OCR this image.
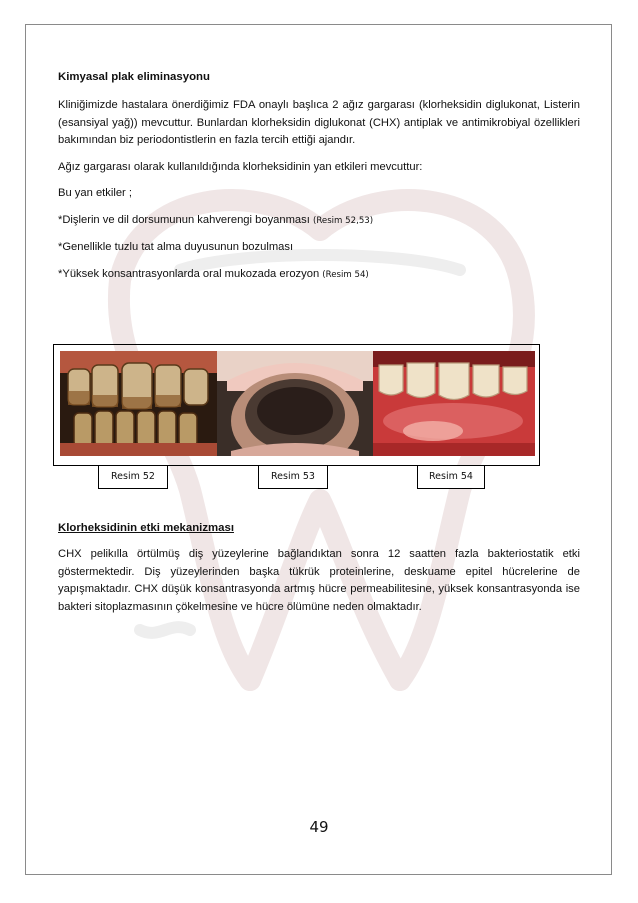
Kimyasal plak eliminasyonu

Kliniğimizde hastalara önerdiğimiz FDA onaylı başlıca 2 ağız gargarası (klorheksidin diglukonat, Listerin (esansiyal yağ)) mevcuttur. Bunlardan klorheksidin diglukonat (CHX) antiplak ve antimikrobiyal özellikleri bakımından biz periodontistlerin en fazla tercih ettiği ajandır.

Ağız gargarası olarak kullanıldığında klorheksidinin yan etkileri mevcuttur:

Bu yan etkiler ;

*Dişlerin ve dil dorsumunun kahverengi boyanması (Resim 52,53)

*Genellikle tuzlu tat alma duyusunun bozulması

*Yüksek konsantrasyonlarda oral mukozada erozyon (Resim 54)

Resim 52	Resim 53	Resim 54

Klorheksidinin etki mekanizması

CHX pelikılla örtülmüş diş yüzeylerine bağlandıktan sonra 12 saatten fazla bakteriostatik etki göstermektedir. Diş yüzeylerinden başka tükrük proteinlerine, deskuame epitel hücrelerine de yapışmaktadır. CHX düşük konsantrasyonda artmış hücre permeabilitesine, yüksek konsantrasyonda ise bakteri sitoplazmasının çökelmesine ve hücre ölümüne neden olmaktadır.

49
